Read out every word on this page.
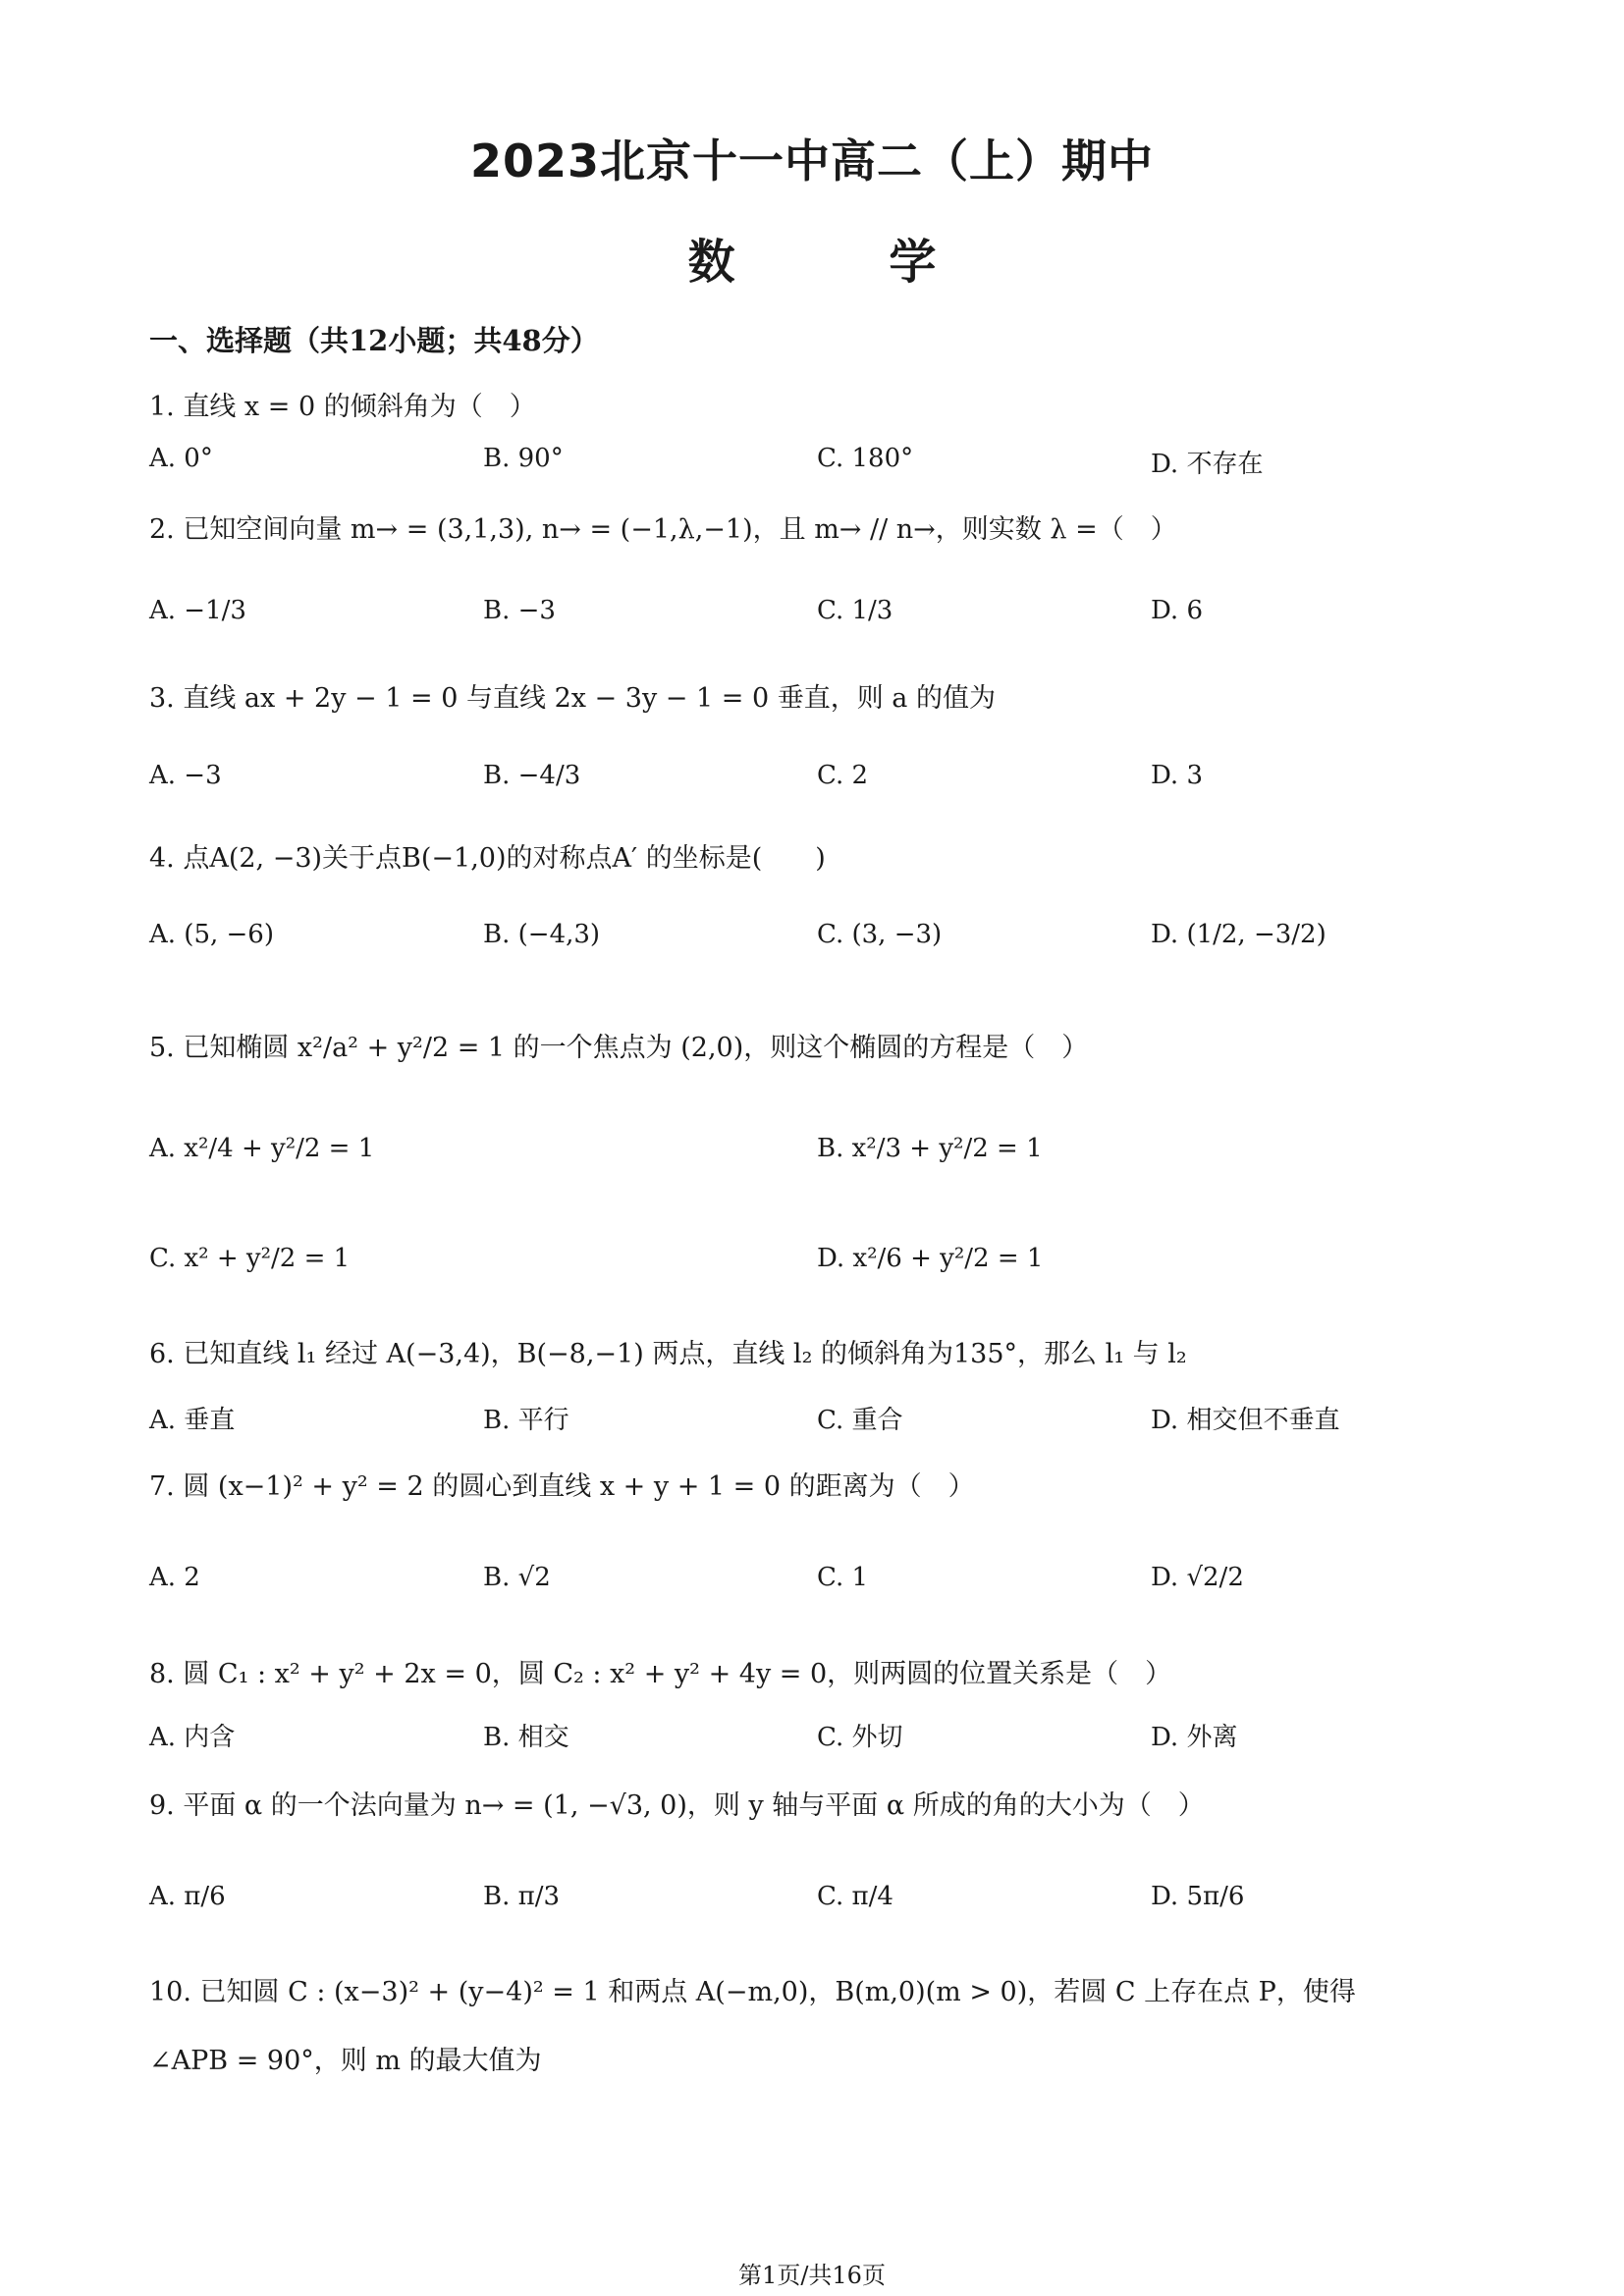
2023北京十一中高二（上）期中
数 学
一、选择题（共12小题；共48分）
1. 直线 x = 0 的倾斜角为（　）
A. 0°	B. 90°	C. 180°	D. 不存在
2. 已知空间向量 m→ = (3,1,3), n→ = (−1,λ,−1)，且 m→ // n→，则实数 λ =（　）
A. −1/3	B. −3	C. 1/3	D. 6
3. 直线 ax + 2y − 1 = 0 与直线 2x − 3y − 1 = 0 垂直，则 a 的值为
A. −3	B. −4/3	C. 2	D. 3
4. 点A(2, −3)关于点B(−1,0)的对称点A′ 的坐标是(　　)
A. (5, −6)	B. (−4,3)	C. (3, −3)	D. (1/2, −3/2)
5. 已知椭圆 x²/a² + y²/2 = 1 的一个焦点为 (2,0)，则这个椭圆的方程是（　）
A. x²/4 + y²/2 = 1	B. x²/3 + y²/2 = 1
C. x² + y²/2 = 1	D. x²/6 + y²/2 = 1
6. 已知直线 l₁ 经过 A(−3,4)，B(−8,−1) 两点，直线 l₂ 的倾斜角为135°，那么 l₁ 与 l₂
A. 垂直	B. 平行	C. 重合	D. 相交但不垂直
7. 圆 (x−1)² + y² = 2 的圆心到直线 x + y + 1 = 0 的距离为（　）
A. 2	B. √2	C. 1	D. √2/2
8. 圆 C₁ : x² + y² + 2x = 0，圆 C₂ : x² + y² + 4y = 0，则两圆的位置关系是（　）
A. 内含	B. 相交	C. 外切	D. 外离
9. 平面 α 的一个法向量为 n→ = (1, −√3, 0)，则 y 轴与平面 α 所成的角的大小为（　）
A. π/6	B. π/3	C. π/4	D. 5π/6
10. 已知圆 C : (x−3)² + (y−4)² = 1 和两点 A(−m,0)，B(m,0)(m > 0)，若圆 C 上存在点 P，使得
∠APB = 90°，则 m 的最大值为
第1页/共16页
